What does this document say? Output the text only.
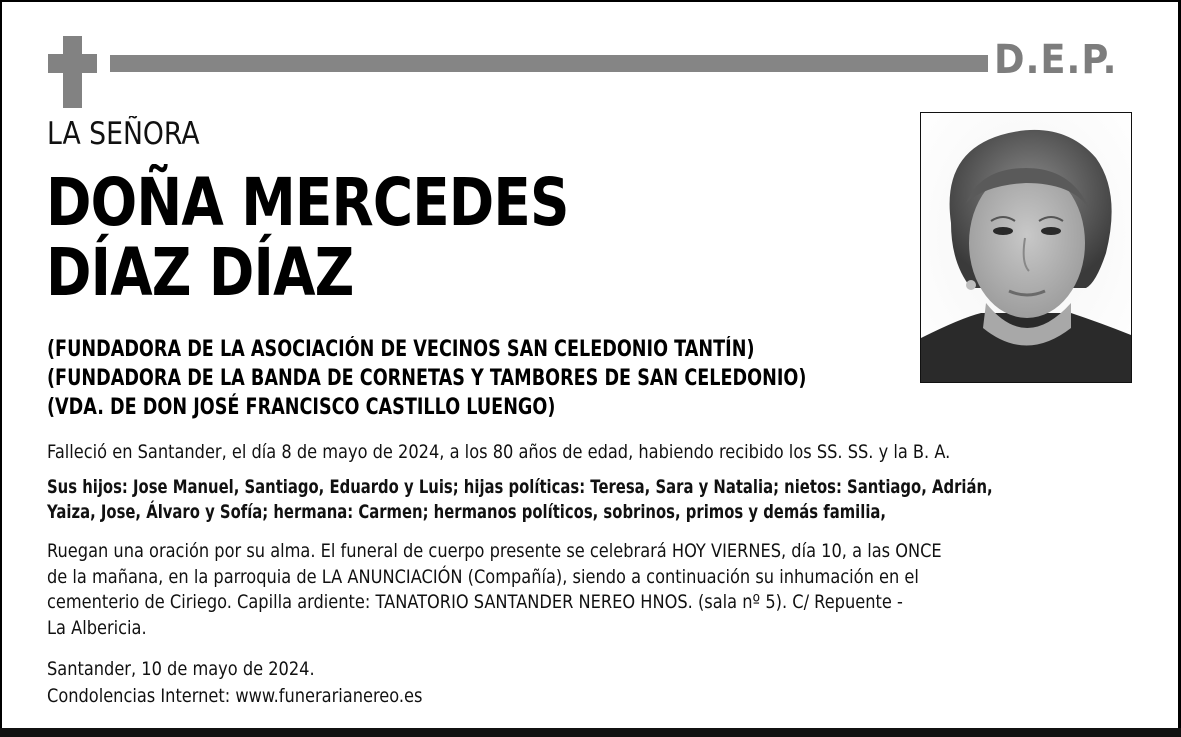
D.E.P.
LA SEÑORA
DOÑA MERCEDES
DÍAZ DÍAZ
(FUNDADORA DE LA ASOCIACIÓN DE VECINOS SAN CELEDONIO TANTÍN)
(FUNDADORA DE LA BANDA DE CORNETAS Y TAMBORES DE SAN CELEDONIO)
(VDA. DE DON JOSÉ FRANCISCO CASTILLO LUENGO)
Falleció en Santander, el día 8 de mayo de 2024, a los 80 años de edad, habiendo recibido los SS. SS. y la B. A.
Sus hijos: Jose Manuel, Santiago, Eduardo y Luis; hijas políticas: Teresa, Sara y Natalia; nietos: Santiago, Adrián,
Yaiza, Jose, Álvaro y Sofía; hermana: Carmen; hermanos políticos, sobrinos, primos y demás familia,
Ruegan una oración por su alma. El funeral de cuerpo presente se celebrará HOY VIERNES, día 10, a las ONCE
de la mañana, en la parroquia de LA ANUNCIACIÓN (Compañía), siendo a continuación su inhumación en el
cementerio de Ciriego. Capilla ardiente: TANATORIO SANTANDER NEREO HNOS. (sala nº 5). C/ Repuente -
La Albericia.
Santander, 10 de mayo de 2024.
Condolencias Internet: www.funerarianereo.es
